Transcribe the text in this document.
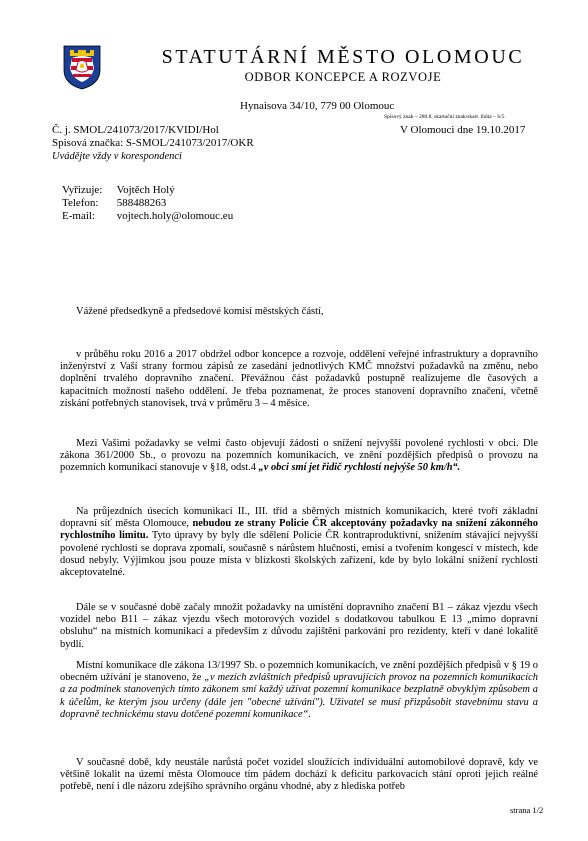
STATUTÁRNÍ MĚSTO OLOMOUC
ODBOR KONCEPCE A ROZVOJE
Hynaisova 34/10, 779 00 Olomouc
Spisový znak – 280.8, skartační znak/skart. lhůta – S/5
Č. j. SMOL/241073/2017/KVIDI/Hol	V Olomouci dne 19.10.2017
Spisová značka: S-SMOL/241073/2017/OKR
Uvádějte vždy v korespondenci
Vyřizuje: Vojtěch Holý
Telefon: 588488263
E-mail: vojtech.holy@olomouc.eu
Vážené předsedkyně a předsedové komisí městských částí,

v průběhu roku 2016 a 2017 obdržel odbor koncepce a rozvoje, oddělení veřejné infrastruktury a dopravního inženýrství z Vaší strany formou zápisů ze zasedání jednotlivých KMČ množství požadavků na změnu, nebo doplnění trvalého dopravního značení. Převážnou část požadavků postupně realizujeme dle časových a kapacitních možností našeho oddělení. Je třeba poznamenat, že proces stanovení dopravního značení, včetně získání potřebných stanovisek, trvá v průměru 3 – 4 měsíce.

Mezi Vašimi požadavky se velmi často objevují žádosti o snížení nejvyšší povolené rychlosti v obci. Dle zákona 361/2000 Sb., o provozu na pozemních komunikacích, ve znění pozdějších předpisů o provozu na pozemních komunikací stanovuje v §18, odst.4 „v obci smí jet řidič rychlostí nejvýše 50 km/h“.

Na průjezdních úsecích komunikací II., III. tříd a sběrných místních komunikacích, které tvoří základní dopravní síť města Olomouce, nebudou ze strany Policie ČR akceptovány požadavky na snížení zákonného rychlostního limitu. Tyto úpravy by byly dle sdělení Policie ČR kontraproduktivní, snížením stávající nejvyšší povolené rychlosti se doprava zpomalí, současně s nárůstem hlučnosti, emisí a tvořením kongescí v místech, kde dosud nebyly. Výjimkou jsou pouze místa v blízkosti školských zařízení, kde by bylo lokální snížení rychlosti akceptovatelné.

Dále se v současné době začaly množit požadavky na umístění dopravního značení B1 – zákaz vjezdu všech vozidel nebo B11 – zákaz vjezdu všech motorových vozidel s dodatkovou tabulkou E 13 „mimo dopravní obsluhu“ na místních komunikací a především z důvodu zajištění parkování pro rezidenty, kteří v dané lokalitě bydlí.

Místní komunikace dle zákona 13/1997 Sb. o pozemních komunikacích, ve znění pozdějších předpisů v § 19 o obecném užívání je stanoveno, že „v mezích zvláštních předpisů upravujících provoz na pozemních komunikacích a za podmínek stanovených tímto zákonem smí každý užívat pozemní komunikace bezplatně obvyklým způsobem a k účelům, ke kterým jsou určeny (dále jen "obecné užívání"). Uživatel se musí přizpůsobit stavebnímu stavu a dopravně technickému stavu dotčené pozemní komunikace“.

V současné době, kdy neustále narůstá počet vozidel sloužících individuální automobilové dopravě, kdy ve většině lokalit na území města Olomouce tím pádem dochází k deficitu parkovacích stání oproti jejich reálné potřebě, není i dle názoru zdejšího správního orgánu vhodné, aby z hlediska potřeb

strana 1/2
